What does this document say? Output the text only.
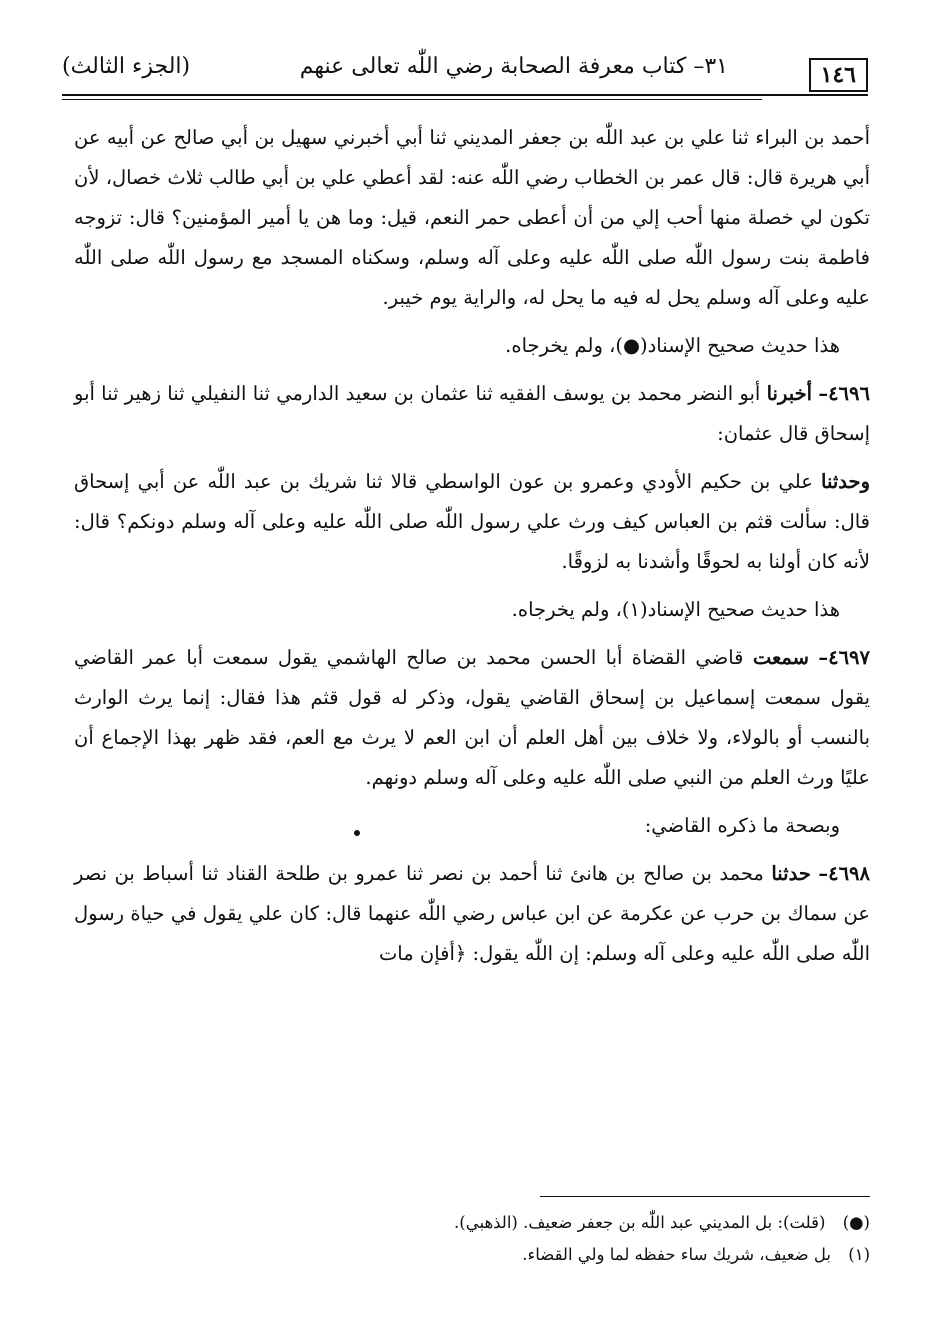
١٤٦
٣١– كتاب معرفة الصحابة رضي اللّٰه تعالى عنهم
(الجزء الثالث)

أحمد بن البراء ثنا علي بن عبد اللّٰه بن جعفر المديني ثنا أبي أخبرني سهيل بن أبي صالح عن أبيه عن أبي هريرة قال: قال عمر بن الخطاب رضي اللّٰه عنه: لقد أعطي علي بن أبي طالب ثلاث خصال، لأن تكون لي خصلة منها أحب إلي من أن أعطى حمر النعم، قيل: وما هن يا أمير المؤمنين؟ قال: تزوجه فاطمة بنت رسول اللّٰه صلى اللّٰه عليه وعلى آله وسلم، وسكناه المسجد مع رسول اللّٰه صلى اللّٰه عليه وعلى آله وسلم يحل له فيه ما يحل له، والراية يوم خيبر.

هذا حديث صحيح الإسناد(●)، ولم يخرجاه.

٤٦٩٦– أخبرنا أبو النضر محمد بن يوسف الفقيه ثنا عثمان بن سعيد الدارمي ثنا النفيلي ثنا زهير ثنا أبو إسحاق قال عثمان:

وحدثنا علي بن حكيم الأودي وعمرو بن عون الواسطي قالا ثنا شريك بن عبد اللّٰه عن أبي إسحاق قال: سألت قثم بن العباس كيف ورث علي رسول اللّٰه صلى اللّٰه عليه وعلى آله وسلم دونكم؟ قال: لأنه كان أولنا به لحوقًا وأشدنا به لزوقًا.

هذا حديث صحيح الإسناد(١)، ولم يخرجاه.

٤٦٩٧– سمعت قاضي القضاة أبا الحسن محمد بن صالح الهاشمي يقول سمعت أبا عمر القاضي يقول سمعت إسماعيل بن إسحاق القاضي يقول، وذكر له قول قثم هذا فقال: إنما يرث الوارث بالنسب أو بالولاء، ولا خلاف بين أهل العلم أن ابن العم لا يرث مع العم، فقد ظهر بهذا الإجماع أن عليًا ورث العلم من النبي صلى اللّٰه عليه وعلى آله وسلم دونهم.

وبصحة ما ذكره القاضي:

٤٦٩٨– حدثنا محمد بن صالح بن هانئ ثنا أحمد بن نصر ثنا عمرو بن طلحة القناد ثنا أسباط بن نصر عن سماك بن حرب عن عكرمة عن ابن عباس رضي اللّٰه عنهما قال: كان علي يقول في حياة رسول اللّٰه صلى اللّٰه عليه وعلى آله وسلم: إن اللّٰه يقول: ﴿أفإن مات

(●) (قلت): بل المديني عبد اللّٰه بن جعفر ضعيف. (الذهبي).

(١) بل ضعيف، شريك ساء حفظه لما ولي القضاء.
